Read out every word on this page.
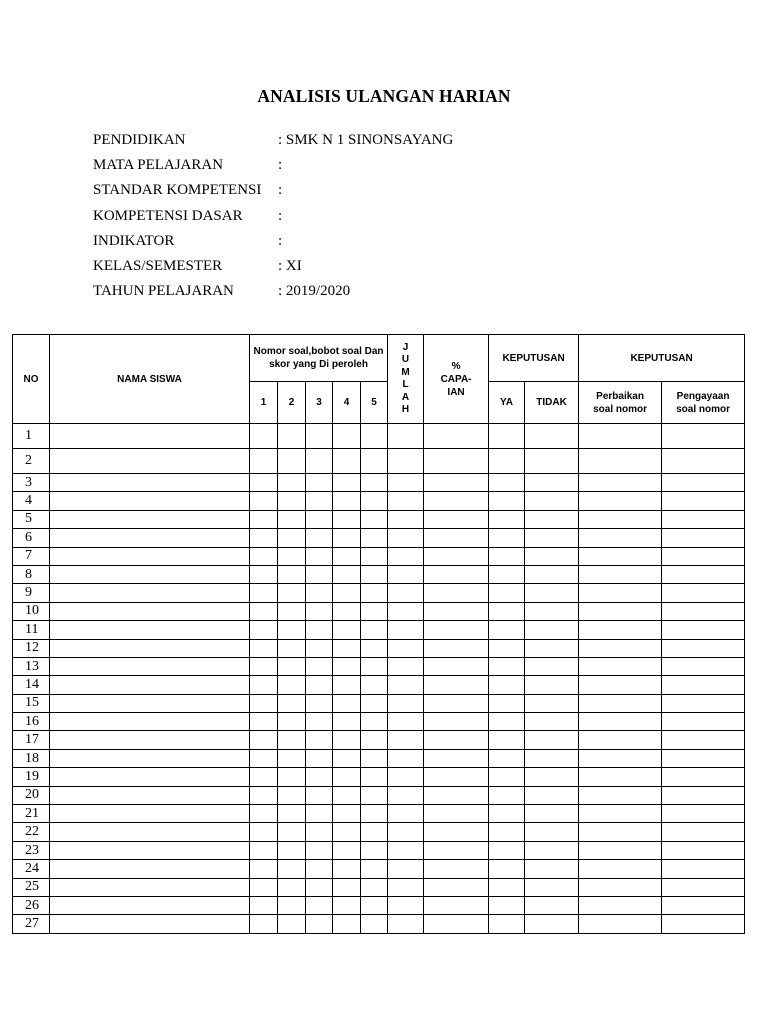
ANALISIS ULANGAN HARIAN
PENDIDIKAN	: SMK N 1 SINONSAYANG
MATA PELAJARAN	:
STANDAR KOMPETENSI :
KOMPETENSI DASAR :
INDIKATOR	:
KELAS/SEMESTER	: XI
TAHUN PELAJARAN	: 2019/2020
NO	NAMA SISWA	Nomor soal,bobot soal Dan skor yang Di peroleh					JUMLAH	% CAPA-IAN	KEPUTUSAN		KEPUTUSAN	
		1	2	3	4	5			YA	TIDAK	Perbaikan soal nomor	Pengayaan soal nomor
1												
2												
3												
4												
5												
6												
7												
8												
9												
10												
11												
12												
13												
14												
15												
16												
17												
18												
19												
20												
21												
22												
23												
24												
25												
26												
27												
